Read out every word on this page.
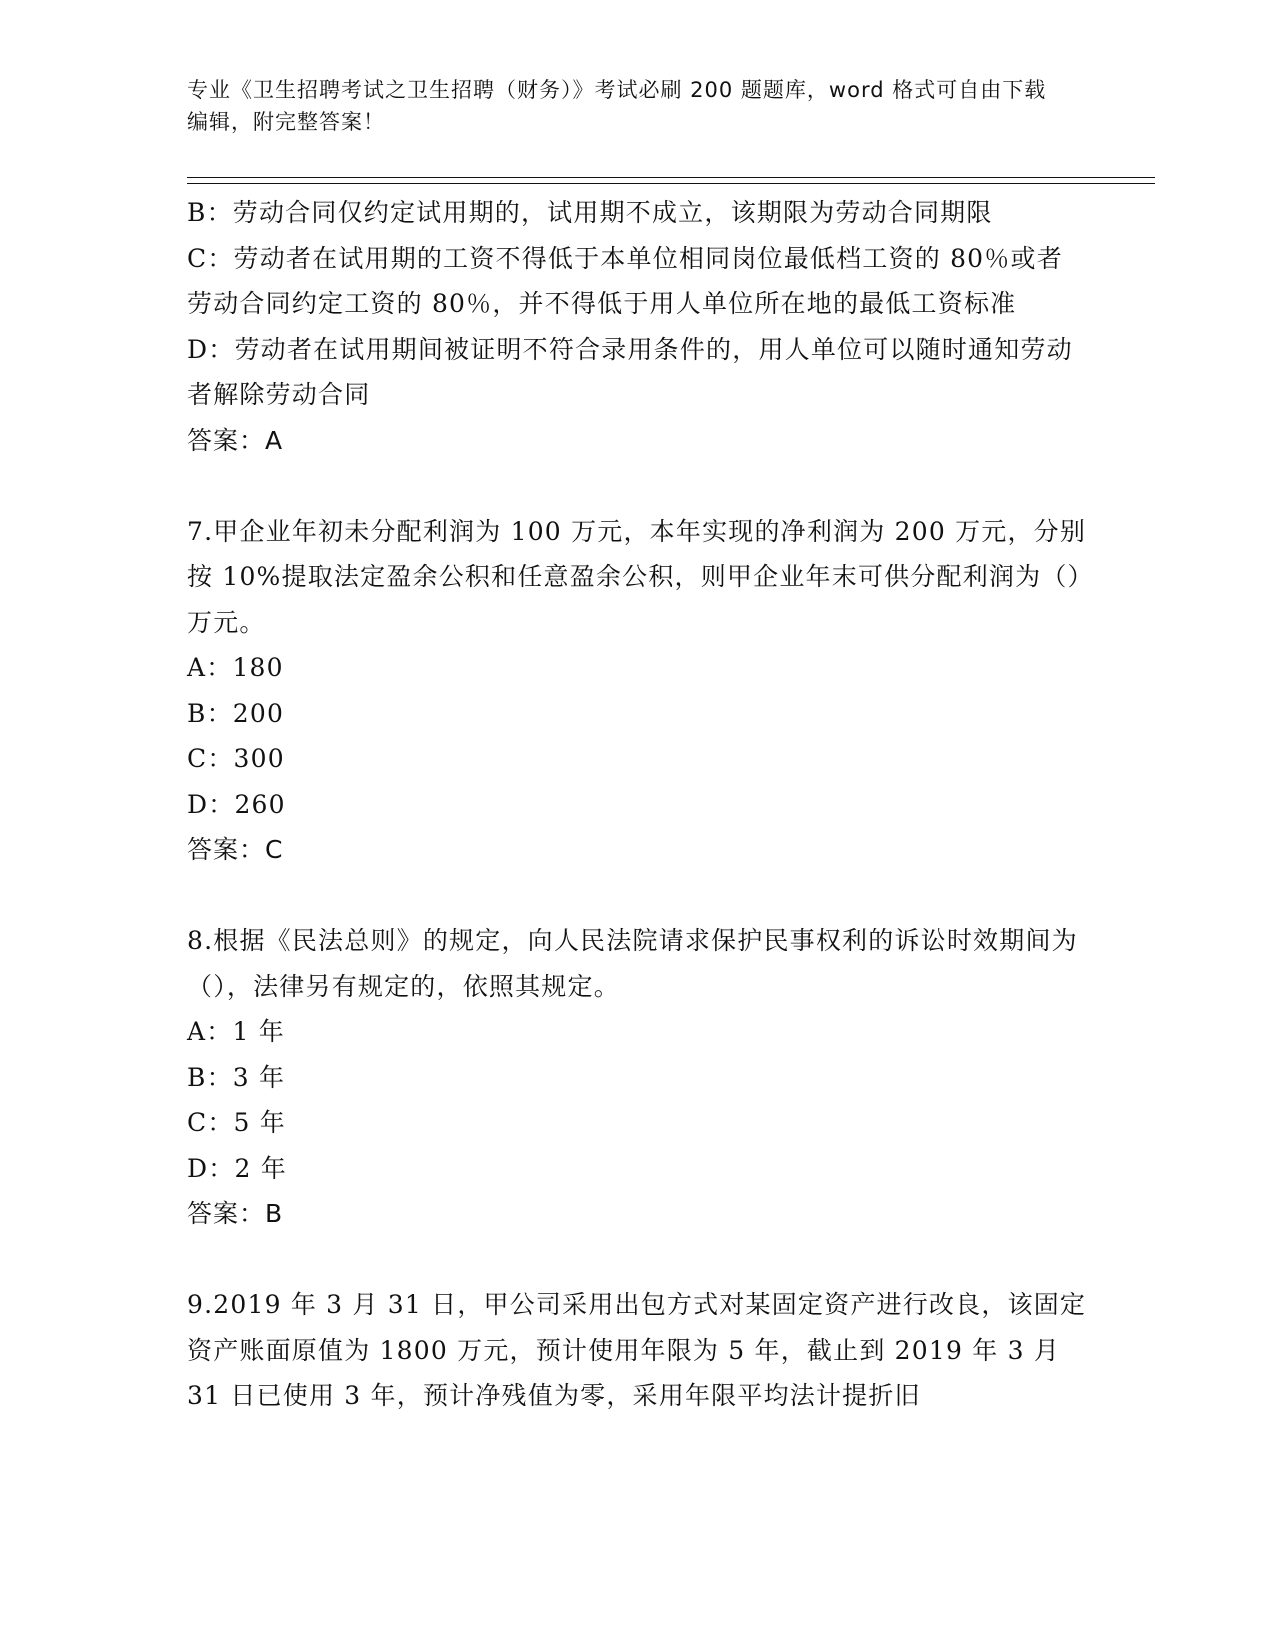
专业《卫生招聘考试之卫生招聘（财务）》考试必刷 200 题题库，word 格式可自由下载编辑，附完整答案！

B：劳动合同仅约定试用期的，试用期不成立，该期限为劳动合同期限

C：劳动者在试用期的工资不得低于本单位相同岗位最低档工资的 80％或者劳动合同约定工资的 80％，并不得低于用人单位所在地的最低工资标准

D：劳动者在试用期间被证明不符合录用条件的，用人单位可以随时通知劳动者解除劳动合同

答案：A

7.甲企业年初未分配利润为 100 万元，本年实现的净利润为 200 万元，分别按 10%提取法定盈余公积和任意盈余公积，则甲企业年末可供分配利润为（）万元。

A：180

B：200

C：300

D：260

答案：C

8.根据《民法总则》的规定，向人民法院请求保护民事权利的诉讼时效期间为（），法律另有规定的，依照其规定。

A：1 年

B：3 年

C：5 年

D：2 年

答案：B

9.2019 年 3 月 31 日，甲公司采用出包方式对某固定资产进行改良，该固定资产账面原值为 1800 万元，预计使用年限为 5 年，截止到 2019 年 3 月 31 日已使用 3 年，预计净残值为零，采用年限平均法计提折旧
